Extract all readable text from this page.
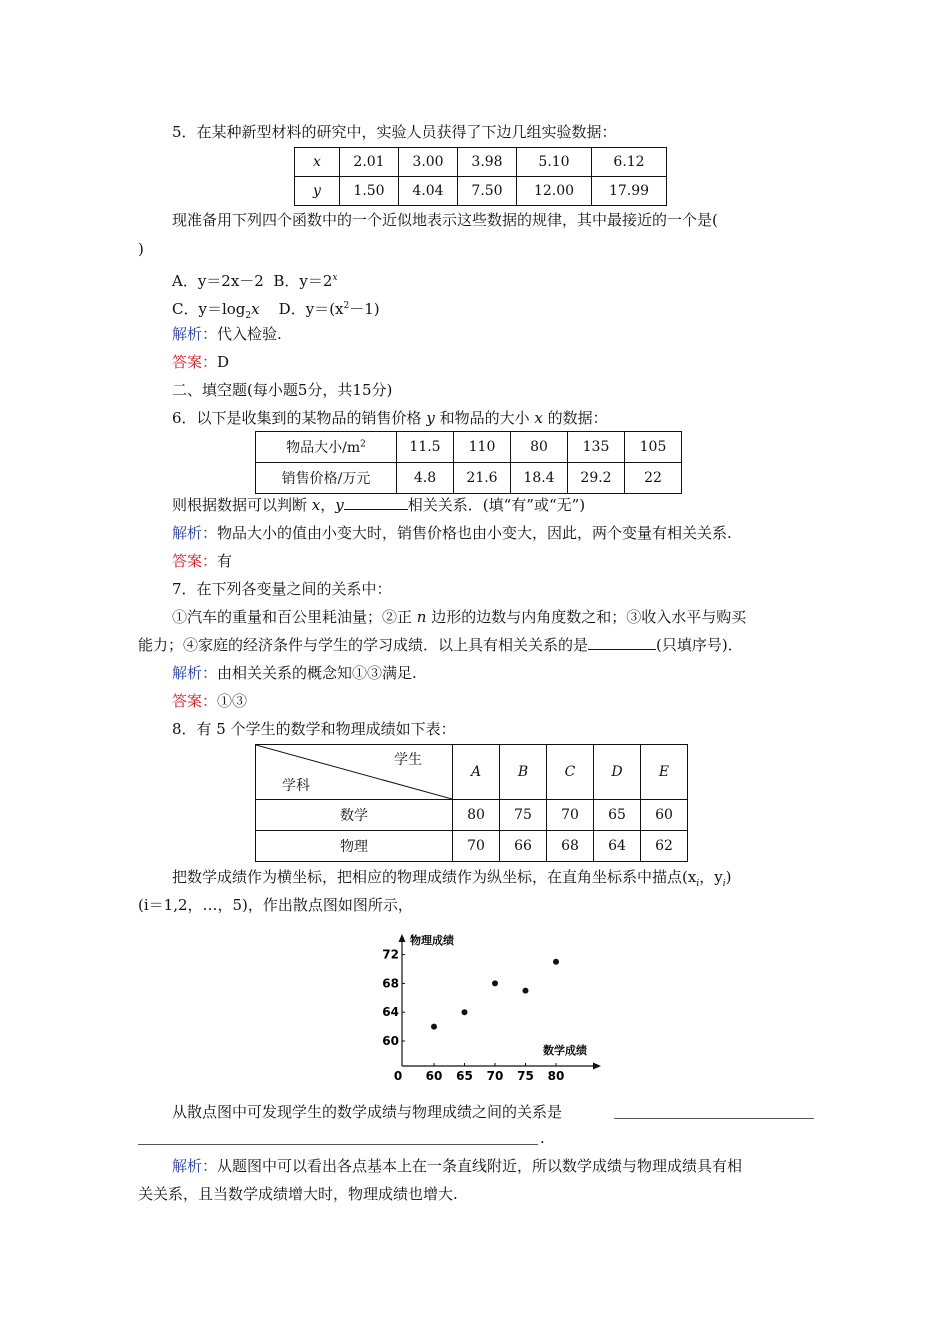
5．在某种新型材料的研究中，实验人员获得了下边几组实验数据：
x	2.01	3.00	3.98	5.10	6.12
y	1.50	4.04	7.50	12.00	17.99
现准备用下列四个函数中的一个近似地表示这些数据的规律，其中最接近的一个是(
)
A．y＝2x－2 B．$y=2^x$
C．$y=\log_2x$ D．$y=(x^2-1)$
解析：代入检验.
答案：D
二、填空题(每小题5分，共15分)
6．以下是收集到的某物品的销售价格 y 和物品的大小 x 的数据：
物品大小$/m^2$	11.5	110	80	135	105
销售价格/万元	4.8	21.6	18.4	29.2	22
则根据数据可以判断 x，y	相关关系．(填“有”或“无”)
解析：物品大小的值由小变大时，销售价格也由小变大，因此，两个变量有相关关系.
答案：有
7．在下列各变量之间的关系中：
①汽车的重量和百公里耗油量；②正 n 边形的边数与内角度数之和；③收入水平与购买
能力；④家庭的经济条件与学生的学习成绩．以上具有相关关系的是	(只填序号)．
解析：由相关关系的概念知①③满足.
答案：①③
8．有 5 个学生的数学和物理成绩如下表：
学生
学科	A	B	C	D	E
数学	80	75	70	65	60
物理	70	66	68	64	62
把数学成绩作为横坐标，把相应的物理成绩作为纵坐标，在直角坐标系中描点($x_i$，$y_i$)
(i＝1,2，…，5)，作出散点图如图所示，
物理成绩
数学成绩
0 60 65 70 75 80
60
64
68
72
从散点图中可发现学生的数学成绩与物理成绩之间的关系是
.
解析：从题图中可以看出各点基本上在一条直线附近，所以数学成绩与物理成绩具有相
关关系，且当数学成绩增大时，物理成绩也增大.
